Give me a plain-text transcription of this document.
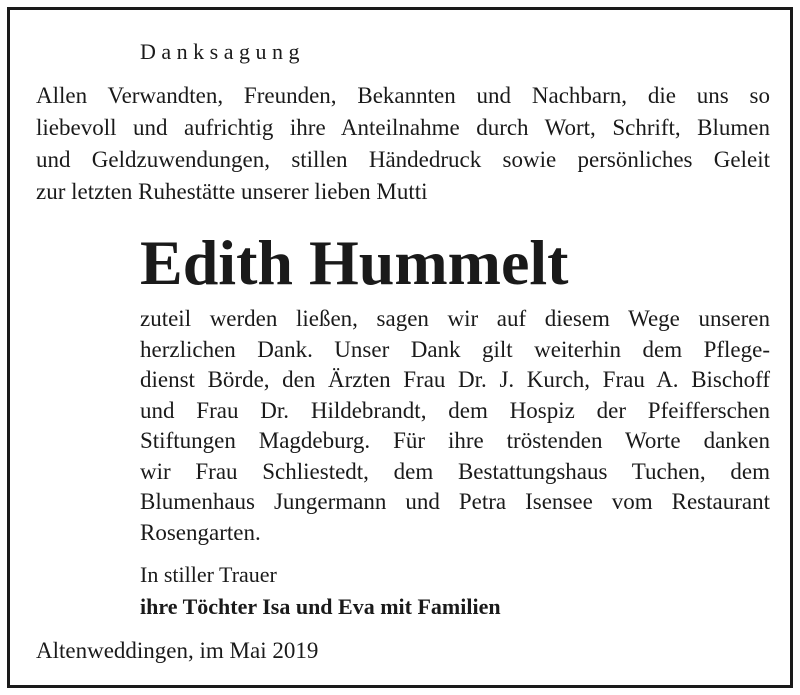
Danksagung
Allen Verwandten, Freunden, Bekannten und Nachbarn, die uns so
liebevoll und aufrichtig ihre Anteilnahme durch Wort, Schrift, Blumen
und Geldzuwendungen, stillen Händedruck sowie persönliches Geleit
zur letzten Ruhestätte unserer lieben Mutti
Edith Hummelt
zuteil werden ließen, sagen wir auf diesem Wege unseren
herzlichen Dank. Unser Dank gilt weiterhin dem Pflege-
dienst Börde, den Ärzten Frau Dr. J. Kurch, Frau A. Bischoff
und Frau Dr. Hildebrandt, dem Hospiz der Pfeifferschen
Stiftungen Magdeburg. Für ihre tröstenden Worte danken
wir Frau Schliestedt, dem Bestattungshaus Tuchen, dem
Blumenhaus Jungermann und Petra Isensee vom Restaurant
Rosengarten.
In stiller Trauer
ihre Töchter Isa und Eva mit Familien
Altenweddingen, im Mai 2019
